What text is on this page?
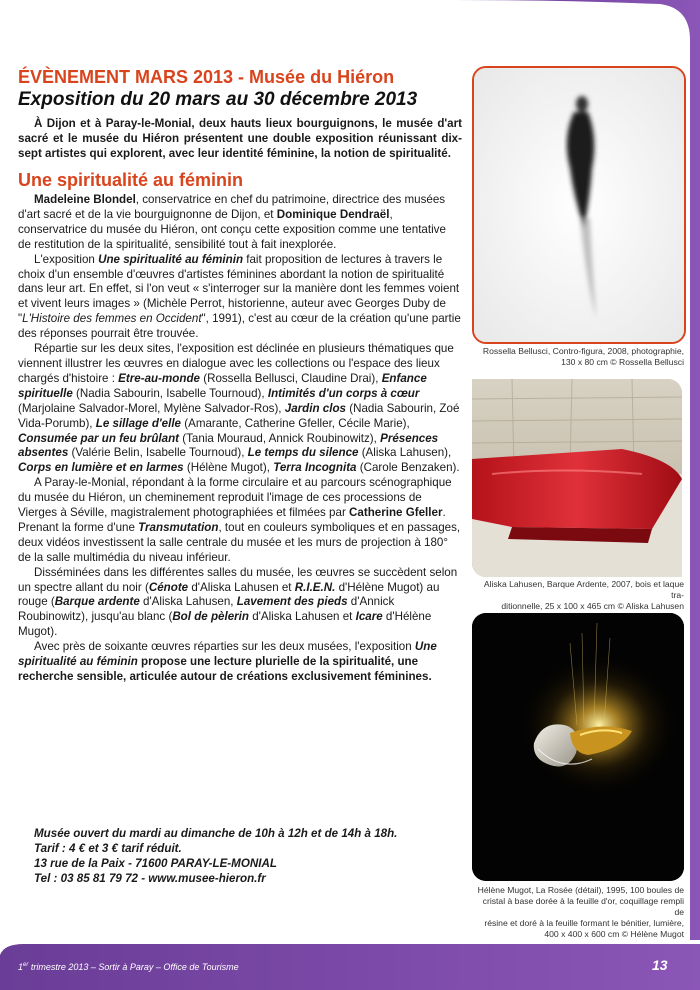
ÉVÈNEMENT MARS 2013 - Musée du Hiéron
Exposition du 20 mars au 30 décembre 2013

À Dijon et à Paray-le-Monial, deux hauts lieux bourguignons, le musée d'art sacré et le musée du Hiéron présentent une double exposition réunissant dix-sept artistes qui explorent, avec leur identité féminine, la notion de spiritualité.

Une spiritualité au féminin

Madeleine Blondel, conservatrice en chef du patrimoine, directrice des musées d'art sacré et de la vie bourguignonne de Dijon, et Dominique Dendraël, conservatrice du musée du Hiéron, ont conçu cette exposition comme une tentative de restitution de la spiritualité, sensibilité tout à fait inexplorée.

L'exposition Une spiritualité au féminin fait proposition de lectures à travers le choix d'un ensemble d'œuvres d'artistes féminines abordant la notion de spiritualité dans leur art. En effet, si l'on veut « s'interroger sur la manière dont les femmes voient et vivent leurs images » (Michèle Perrot, historienne, auteur avec Georges Duby de "L'Histoire des femmes en Occident", 1991), c'est au cœur de la création qu'une partie des réponses pourrait être trouvée.

Répartie sur les deux sites, l'exposition est déclinée en plusieurs thématiques que viennent illustrer les œuvres en dialogue avec les collections ou l'espace des lieux chargés d'histoire : Etre-au-monde (Rossella Bellusci, Claudine Drai), Enfance spirituelle (Nadia Sabourin, Isabelle Tournoud), Intimités d'un corps à cœur (Marjolaine Salvador-Morel, Mylène Salvador-Ros), Jardin clos (Nadia Sabourin, Zoé Vida-Porumb), Le sillage d'elle (Amarante, Catherine Gfeller, Cécile Marie), Consumée par un feu brûlant (Tania Mouraud, Annick Roubinowitz), Présences absentes (Valérie Belin, Isabelle Tournoud), Le temps du silence (Aliska Lahusen), Corps en lumière et en larmes (Hélène Mugot), Terra Incognita (Carole Benzaken).

A Paray-le-Monial, répondant à la forme circulaire et au parcours scénographique du musée du Hiéron, un cheminement reproduit l'image de ces processions de Vierges à Séville, magistralement photographiées et filmées par Catherine Gfeller. Prenant la forme d'une Transmutation, tout en couleurs symboliques et en passages, deux vidéos investissent la salle centrale du musée et les murs de projection à 180° de la salle multimédia du niveau inférieur.

Disséminées dans les différentes salles du musée, les œuvres se succèdent selon un spectre allant du noir (Cénote d'Aliska Lahusen et R.I.E.N. d'Hélène Mugot) au rouge (Barque ardente d'Aliska Lahusen, Lavement des pieds d'Annick Roubinowitz), jusqu'au blanc (Bol de pèlerin d'Aliska Lahusen et Icare d'Hélène Mugot).

Avec près de soixante œuvres réparties sur les deux musées, l'exposition Une spiritualité au féminin propose une lecture plurielle de la spiritualité, une recherche sensible, articulée autour de créations exclusivement féminines.

Musée ouvert du mardi au dimanche de 10h à 12h et de 14h à 18h.
Tarif : 4 € et 3 € tarif réduit.
13 rue de la Paix - 71600 PARAY-LE-MONIAL
Tel : 03 85 81 79 72 - www.musee-hieron.fr
Rossella Bellusci, Contro-figura, 2008, photographie,
130 x 80 cm © Rossella Bellusci
Aliska Lahusen, Barque Ardente, 2007, bois et laque tra-
ditionnelle, 25 x 100 x 465 cm © Aliska Lahusen
Hélène Mugot, La Rosée (détail), 1995, 100 boules de
cristal à base dorée à la feuille d'or, coquillage rempli de
résine et doré à la feuille formant le bénitier, lumière,
400 x 400 x 600 cm © Hélène Mugot
1er trimestre 2013 – Sortir à Paray – Office de Tourisme	13
